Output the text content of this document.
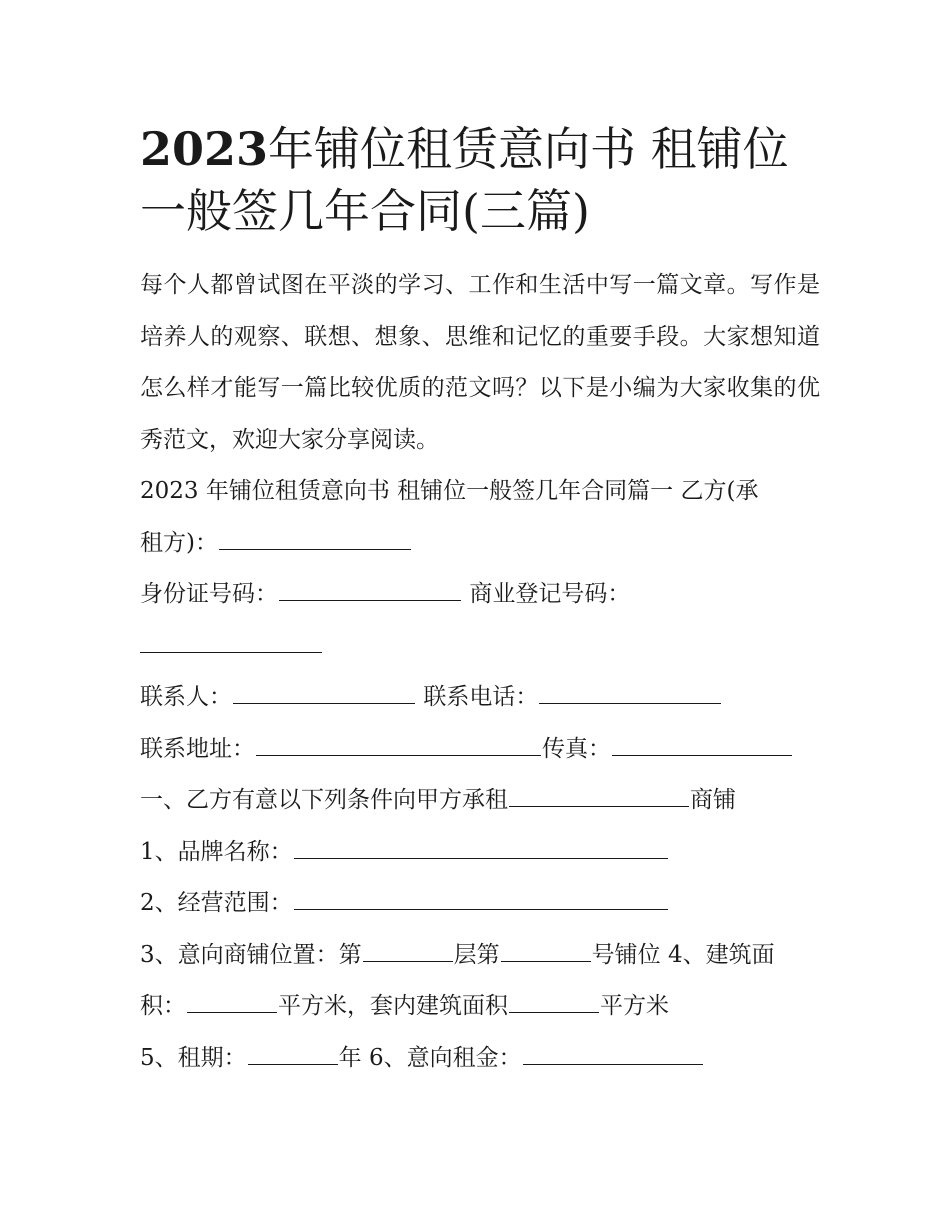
2023年铺位租赁意向书 租铺位一般签几年合同(三篇)

每个人都曾试图在平淡的学习、工作和生活中写一篇文章。写作是培养人的观察、联想、想象、思维和记忆的重要手段。大家想知道怎么样才能写一篇比较优质的范文吗？以下是小编为大家收集的优秀范文，欢迎大家分享阅读。

2023 年铺位租赁意向书 租铺位一般签几年合同篇一 乙方(承

租方)：

身份证号码：	商业登记号码：

联系人：	联系电话：

联系地址：	传真：

一、乙方有意以下列条件向甲方承租	商铺

1、品牌名称：

2、经营范围：

3、意向商铺位置：第	层第	号铺位 4、建筑面

积：	平方米，套内建筑面积	平方米

5、租期：	年 6、意向租金：
